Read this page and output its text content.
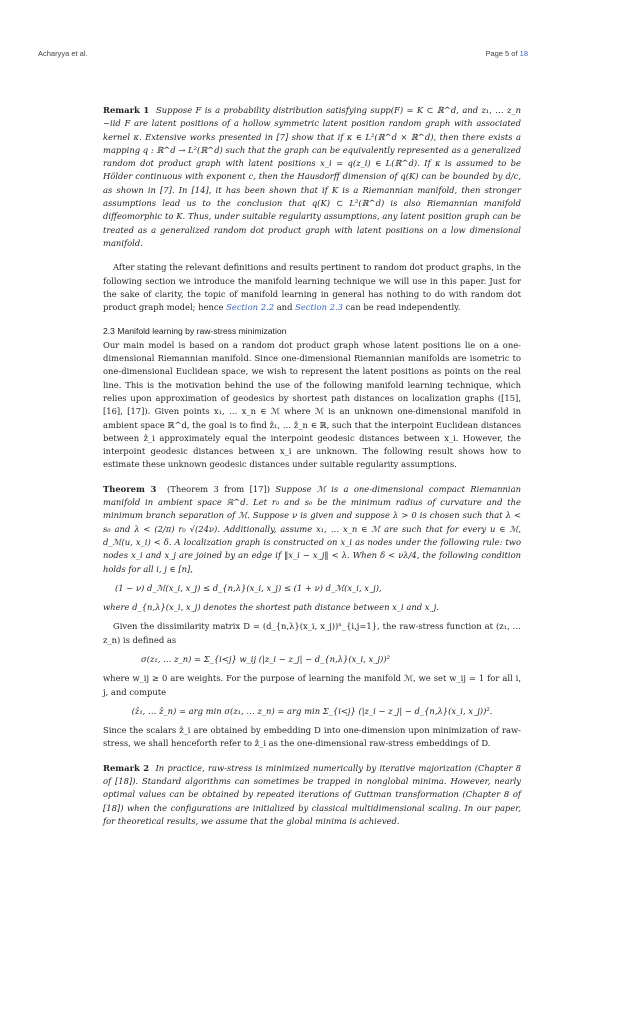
Acharyya et al.	Page 5 of 18

Remark 1 Suppose F is a probability distribution satisfying supp(F) = K ⊂ ℝ^d, and z₁, … z_n ~iid F are latent positions of a hollow symmetric latent position random graph with associated kernel κ. Extensive works presented in [7] show that if κ ∈ L²(ℝ^d × ℝ^d), then there exists a mapping q : ℝ^d → L²(ℝ^d) such that the graph can be equivalently represented as a generalized random dot product graph with latent positions x_i = q(z_i) ∈ L(ℝ^d). If κ is assumed to be Hölder continuous with exponent c, then the Hausdorff dimension of q(K) can be bounded by d/c, as shown in [7]. In [14], it has been shown that if K is a Riemannian manifold, then stronger assumptions lead us to the conclusion that q(K) ⊂ L²(ℝ^d) is also Riemannian manifold diffeomorphic to K. Thus, under suitable regularity assumptions, any latent position graph can be treated as a generalized random dot product graph with latent positions on a low dimensional manifold.

After stating the relevant definitions and results pertinent to random dot product graphs, in the following section we introduce the manifold learning technique we will use in this paper. Just for the sake of clarity, the topic of manifold learning in general has nothing to do with random dot product graph model; hence Section 2.2 and Section 2.3 can be read independently.

2.3 Manifold learning by raw-stress minimization

Our main model is based on a random dot product graph whose latent positions lie on a one-dimensional Riemannian manifold. Since one-dimensional Riemannian manifolds are isometric to one-dimensional Euclidean space, we wish to represent the latent positions as points on the real line. This is the motivation behind the use of the following manifold learning technique, which relies upon approximation of geodesics by shortest path distances on localization graphs ([15], [16], [17]). Given points x₁, … x_n ∈ ℳ where ℳ is an unknown one-dimensional manifold in ambient space ℝ^d, the goal is to find ẑ₁, … ẑ_n ∈ ℝ, such that the interpoint Euclidean distances between ẑ_i approximately equal the interpoint geodesic distances between x_i. However, the interpoint geodesic distances between x_i are unknown. The following result shows how to estimate these unknown geodesic distances under suitable regularity assumptions.

Theorem 3 (Theorem 3 from [17]) Suppose ℳ is a one-dimensional compact Riemannian manifold in ambient space ℝ^d. Let r₀ and s₀ be the minimum radius of curvature and the minimum branch separation of ℳ. Suppose ν is given and suppose λ > 0 is chosen such that λ < s₀ and λ < (2/π) r₀ √(24ν). Additionally, assume x₁, … x_n ∈ ℳ are such that for every u ∈ ℳ, d_ℳ(u, x_i) < δ. A localization graph is constructed on x_i as nodes under the following rule: two nodes x_i and x_j are joined by an edge if ‖x_i − x_j‖ < λ. When δ < νλ/4, the following condition holds for all i, j ∈ [n],

(1 − ν) d_ℳ(x_i, x_j) ≤ d_{n,λ}(x_i, x_j) ≤ (1 + ν) d_ℳ(x_i, x_j),

where d_{n,λ}(x_i, x_j) denotes the shortest path distance between x_i and x_j.

Given the dissimilarity matrix D = (d_{n,λ}(x_i, x_j))ⁿ_{i,j=1}, the raw-stress function at (z₁, … z_n) is defined as

σ(z₁, … z_n) = Σ_{i<j} w_ij (|z_i − z_j| − d_{n,λ}(x_i, x_j))²

where w_ij ≥ 0 are weights. For the purpose of learning the manifold ℳ, we set w_ij = 1 for all i, j, and compute

(ẑ₁, … ẑ_n) = arg min σ(z₁, … z_n) = arg min Σ_{i<j} (|z_i − z_j| − d_{n,λ}(x_i, x_j))².

Since the scalars ẑ_i are obtained by embedding D into one-dimension upon minimization of raw-stress, we shall henceforth refer to ẑ_i as the one-dimensional raw-stress embeddings of D.

Remark 2 In practice, raw-stress is minimized numerically by iterative majorization (Chapter 8 of [18]). Standard algorithms can sometimes be trapped in nonglobal minima. However, nearly optimal values can be obtained by repeated iterations of Guttman transformation (Chapter 8 of [18]) when the configurations are initialized by classical multidimensional scaling. In our paper, for theoretical results, we assume that the global minima is achieved.
